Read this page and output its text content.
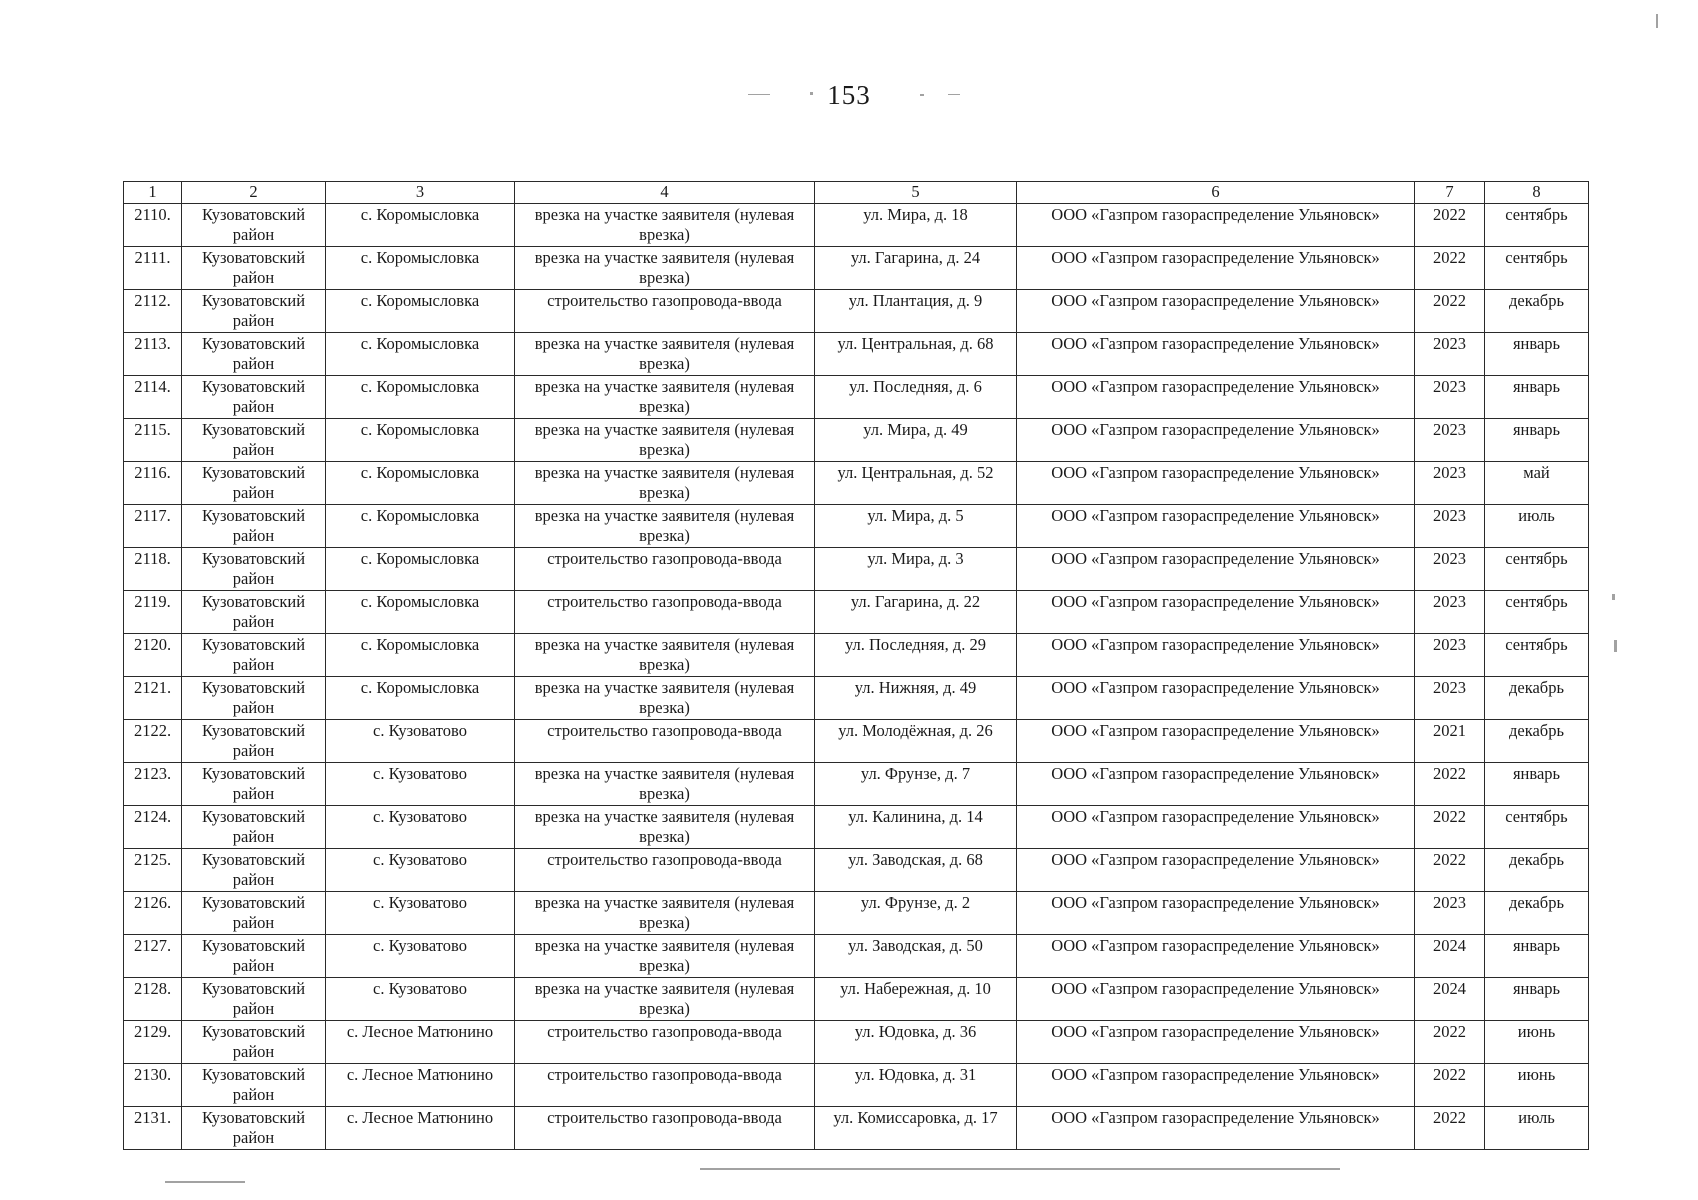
153
1	2	3	4	5	6	7	8
2110.	Кузоватовский район	с. Коромысловка	врезка на участке заявителя (нулевая врезка)	ул. Мира, д. 18	ООО «Газпром газораспределение Ульяновск»	2022	сентябрь
2111.	Кузоватовский район	с. Коромысловка	врезка на участке заявителя (нулевая врезка)	ул. Гагарина, д. 24	ООО «Газпром газораспределение Ульяновск»	2022	сентябрь
2112.	Кузоватовский район	с. Коромысловка	строительство газопровода-ввода	ул. Плантация, д. 9	ООО «Газпром газораспределение Ульяновск»	2022	декабрь
2113.	Кузоватовский район	с. Коромысловка	врезка на участке заявителя (нулевая врезка)	ул. Центральная, д. 68	ООО «Газпром газораспределение Ульяновск»	2023	январь
2114.	Кузоватовский район	с. Коромысловка	врезка на участке заявителя (нулевая врезка)	ул. Последняя, д. 6	ООО «Газпром газораспределение Ульяновск»	2023	январь
2115.	Кузоватовский район	с. Коромысловка	врезка на участке заявителя (нулевая врезка)	ул. Мира, д. 49	ООО «Газпром газораспределение Ульяновск»	2023	январь
2116.	Кузоватовский район	с. Коромысловка	врезка на участке заявителя (нулевая врезка)	ул. Центральная, д. 52	ООО «Газпром газораспределение Ульяновск»	2023	май
2117.	Кузоватовский район	с. Коромысловка	врезка на участке заявителя (нулевая врезка)	ул. Мира, д. 5	ООО «Газпром газораспределение Ульяновск»	2023	июль
2118.	Кузоватовский район	с. Коромысловка	строительство газопровода-ввода	ул. Мира, д. 3	ООО «Газпром газораспределение Ульяновск»	2023	сентябрь
2119.	Кузоватовский район	с. Коромысловка	строительство газопровода-ввода	ул. Гагарина, д. 22	ООО «Газпром газораспределение Ульяновск»	2023	сентябрь
2120.	Кузоватовский район	с. Коромысловка	врезка на участке заявителя (нулевая врезка)	ул. Последняя, д. 29	ООО «Газпром газораспределение Ульяновск»	2023	сентябрь
2121.	Кузоватовский район	с. Коромысловка	врезка на участке заявителя (нулевая врезка)	ул. Нижняя, д. 49	ООО «Газпром газораспределение Ульяновск»	2023	декабрь
2122.	Кузоватовский район	с. Кузоватово	строительство газопровода-ввода	ул. Молодёжная, д. 26	ООО «Газпром газораспределение Ульяновск»	2021	декабрь
2123.	Кузоватовский район	с. Кузоватово	врезка на участке заявителя (нулевая врезка)	ул. Фрунзе, д. 7	ООО «Газпром газораспределение Ульяновск»	2022	январь
2124.	Кузоватовский район	с. Кузоватово	врезка на участке заявителя (нулевая врезка)	ул. Калинина, д. 14	ООО «Газпром газораспределение Ульяновск»	2022	сентябрь
2125.	Кузоватовский район	с. Кузоватово	строительство газопровода-ввода	ул. Заводская, д. 68	ООО «Газпром газораспределение Ульяновск»	2022	декабрь
2126.	Кузоватовский район	с. Кузоватово	врезка на участке заявителя (нулевая врезка)	ул. Фрунзе, д. 2	ООО «Газпром газораспределение Ульяновск»	2023	декабрь
2127.	Кузоватовский район	с. Кузоватово	врезка на участке заявителя (нулевая врезка)	ул. Заводская, д. 50	ООО «Газпром газораспределение Ульяновск»	2024	январь
2128.	Кузоватовский район	с. Кузоватово	врезка на участке заявителя (нулевая врезка)	ул. Набережная, д. 10	ООО «Газпром газораспределение Ульяновск»	2024	январь
2129.	Кузоватовский район	с. Лесное Матюнино	строительство газопровода-ввода	ул. Юдовка, д. 36	ООО «Газпром газораспределение Ульяновск»	2022	июнь
2130.	Кузоватовский район	с. Лесное Матюнино	строительство газопровода-ввода	ул. Юдовка, д. 31	ООО «Газпром газораспределение Ульяновск»	2022	июнь
2131.	Кузоватовский район	с. Лесное Матюнино	строительство газопровода-ввода	ул. Комиссаровка, д. 17	ООО «Газпром газораспределение Ульяновск»	2022	июль
